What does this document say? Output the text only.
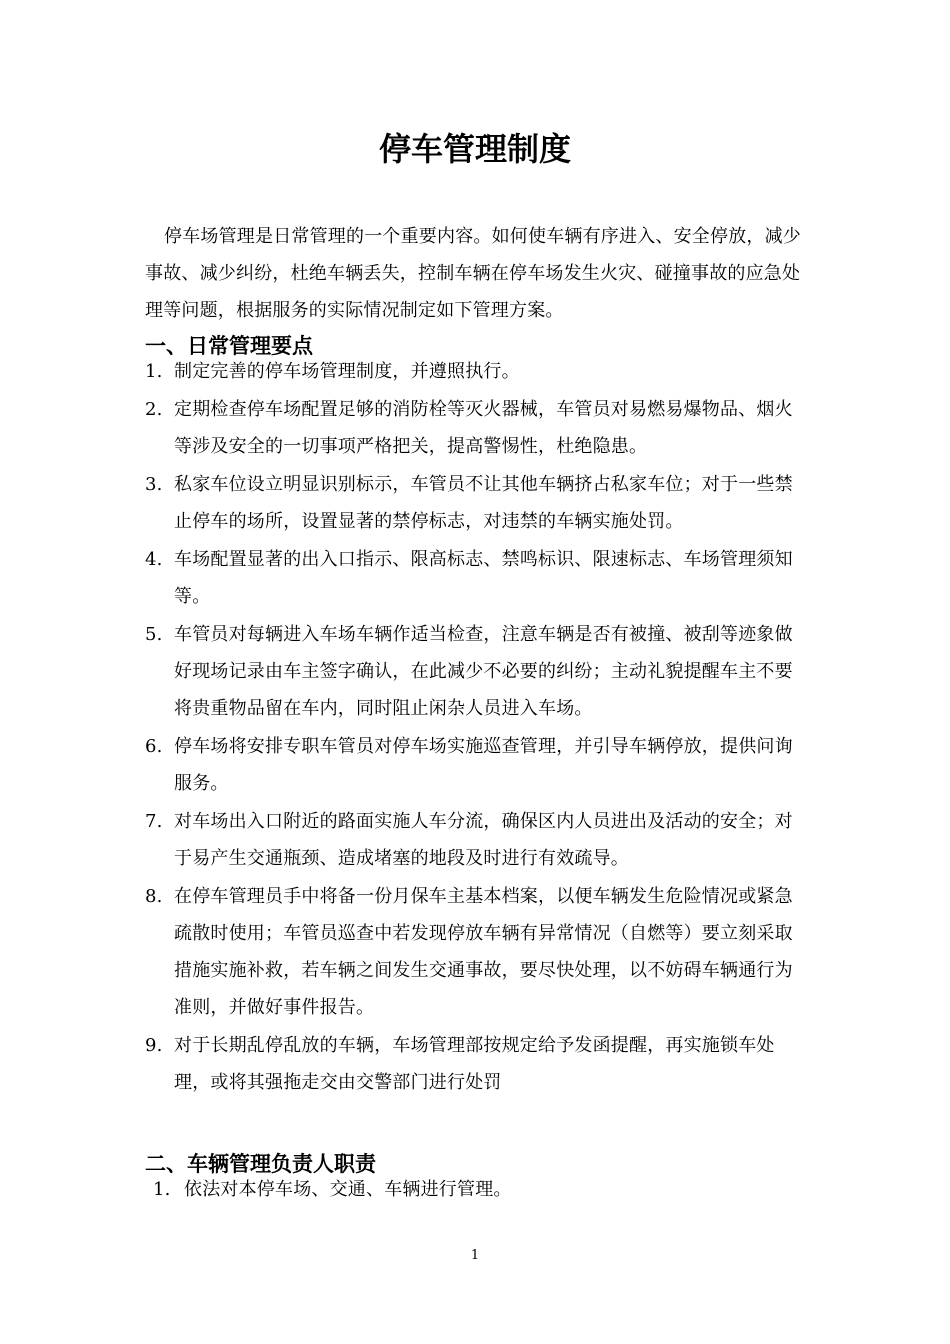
停车管理制度

停车场管理是日常管理的一个重要内容。如何使车辆有序进入、安全停放，减少事故、减少纠纷，杜绝车辆丢失，控制车辆在停车场发生火灾、碰撞事故的应急处理等问题，根据服务的实际情况制定如下管理方案。

一、日常管理要点
1. 制定完善的停车场管理制度，并遵照执行。
2. 定期检查停车场配置足够的消防栓等灭火器械，车管员对易燃易爆物品、烟火等涉及安全的一切事项严格把关，提高警惕性，杜绝隐患。
3. 私家车位设立明显识别标示，车管员不让其他车辆挤占私家车位；对于一些禁止停车的场所，设置显著的禁停标志，对违禁的车辆实施处罚。
4. 车场配置显著的出入口指示、限高标志、禁鸣标识、限速标志、车场管理须知等。
5. 车管员对每辆进入车场车辆作适当检查，注意车辆是否有被撞、被刮等迹象做好现场记录由车主签字确认，在此减少不必要的纠纷；主动礼貌提醒车主不要将贵重物品留在车内，同时阻止闲杂人员进入车场。
6. 停车场将安排专职车管员对停车场实施巡查管理，并引导车辆停放，提供问询服务。
7. 对车场出入口附近的路面实施人车分流，确保区内人员进出及活动的安全；对于易产生交通瓶颈、造成堵塞的地段及时进行有效疏导。
8. 在停车管理员手中将备一份月保车主基本档案，以便车辆发生危险情况或紧急疏散时使用；车管员巡查中若发现停放车辆有异常情况（自燃等）要立刻采取措施实施补救，若车辆之间发生交通事故，要尽快处理，以不妨碍车辆通行为准则，并做好事件报告。
9. 对于长期乱停乱放的车辆，车场管理部按规定给予发函提醒，再实施锁车处理，或将其强拖走交由交警部门进行处罚
二、车辆管理负责人职责
1. 依法对本停车场、交通、车辆进行管理。
1
